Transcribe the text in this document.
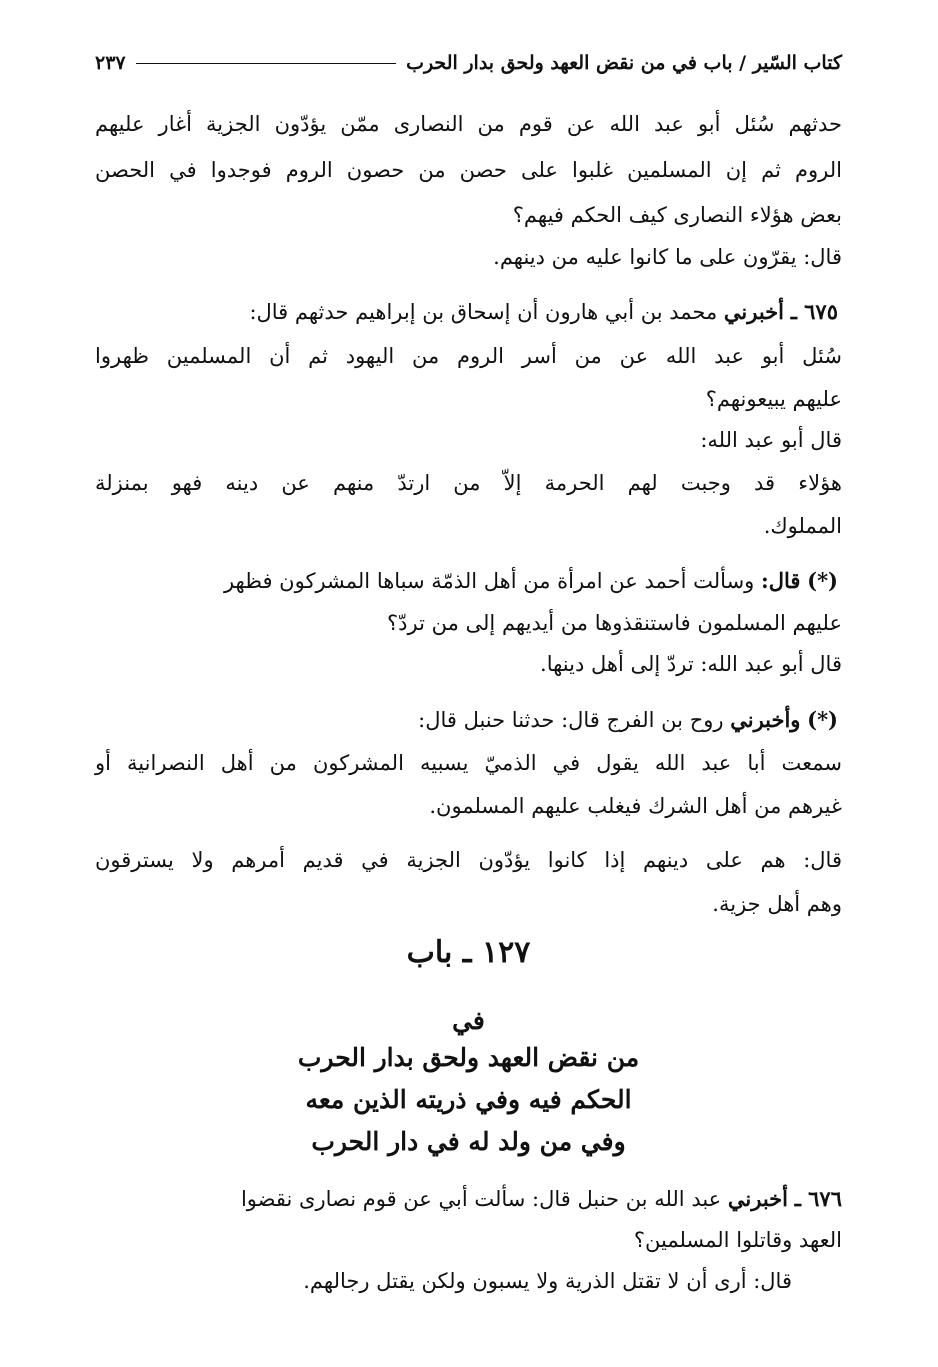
كتاب السّير / باب في من نقض العهد ولحق بدار الحرب
٢٣٧
حدثهم سُئل أبو عبد الله عن قوم من النصارى ممّن يؤدّون الجزية أغار عليهم
الروم ثم إن المسلمين غلبوا على حصن من حصون الروم فوجدوا في الحصن
بعض هؤلاء النصارى كيف الحكم فيهم؟
قال: يقرّون على ما كانوا عليه من دينهم.
٦٧٥ ـ أخبرني محمد بن أبي هارون أن إسحاق بن إبراهيم حدثهم قال:
سُئل أبو عبد الله عن من أسر الروم من اليهود ثم أن المسلمين ظهروا
عليهم يبيعونهم؟
قال أبو عبد الله:
هؤلاء قد وجبت لهم الحرمة إلاّ من ارتدّ منهم عن دينه فهو بمنزلة
المملوك.
(*) قال: وسألت أحمد عن امرأة من أهل الذمّة سباها المشركون فظهر
عليهم المسلمون فاستنقذوها من أيديهم إلى من تردّ؟
قال أبو عبد الله: تردّ إلى أهل دينها.
(*) وأخبرني روح بن الفرج قال: حدثنا حنبل قال:
سمعت أبا عبد الله يقول في الذميّ يسبيه المشركون من أهل النصرانية أو
غيرهم من أهل الشرك فيغلب عليهم المسلمون.
قال: هم على دينهم إذا كانوا يؤدّون الجزية في قديم أمرهم ولا يسترقون
وهم أهل جزية.
١٢٧ ـ باب
في
من نقض العهد ولحق بدار الحرب
الحكم فيه وفي ذريته الذين معه
وفي من ولد له في دار الحرب
٦٧٦ ـ أخبرني عبد الله بن حنبل قال: سألت أبي عن قوم نصارى نقضوا
العهد وقاتلوا المسلمين؟
قال: أرى أن لا تقتل الذرية ولا يسبون ولكن يقتل رجالهم.
